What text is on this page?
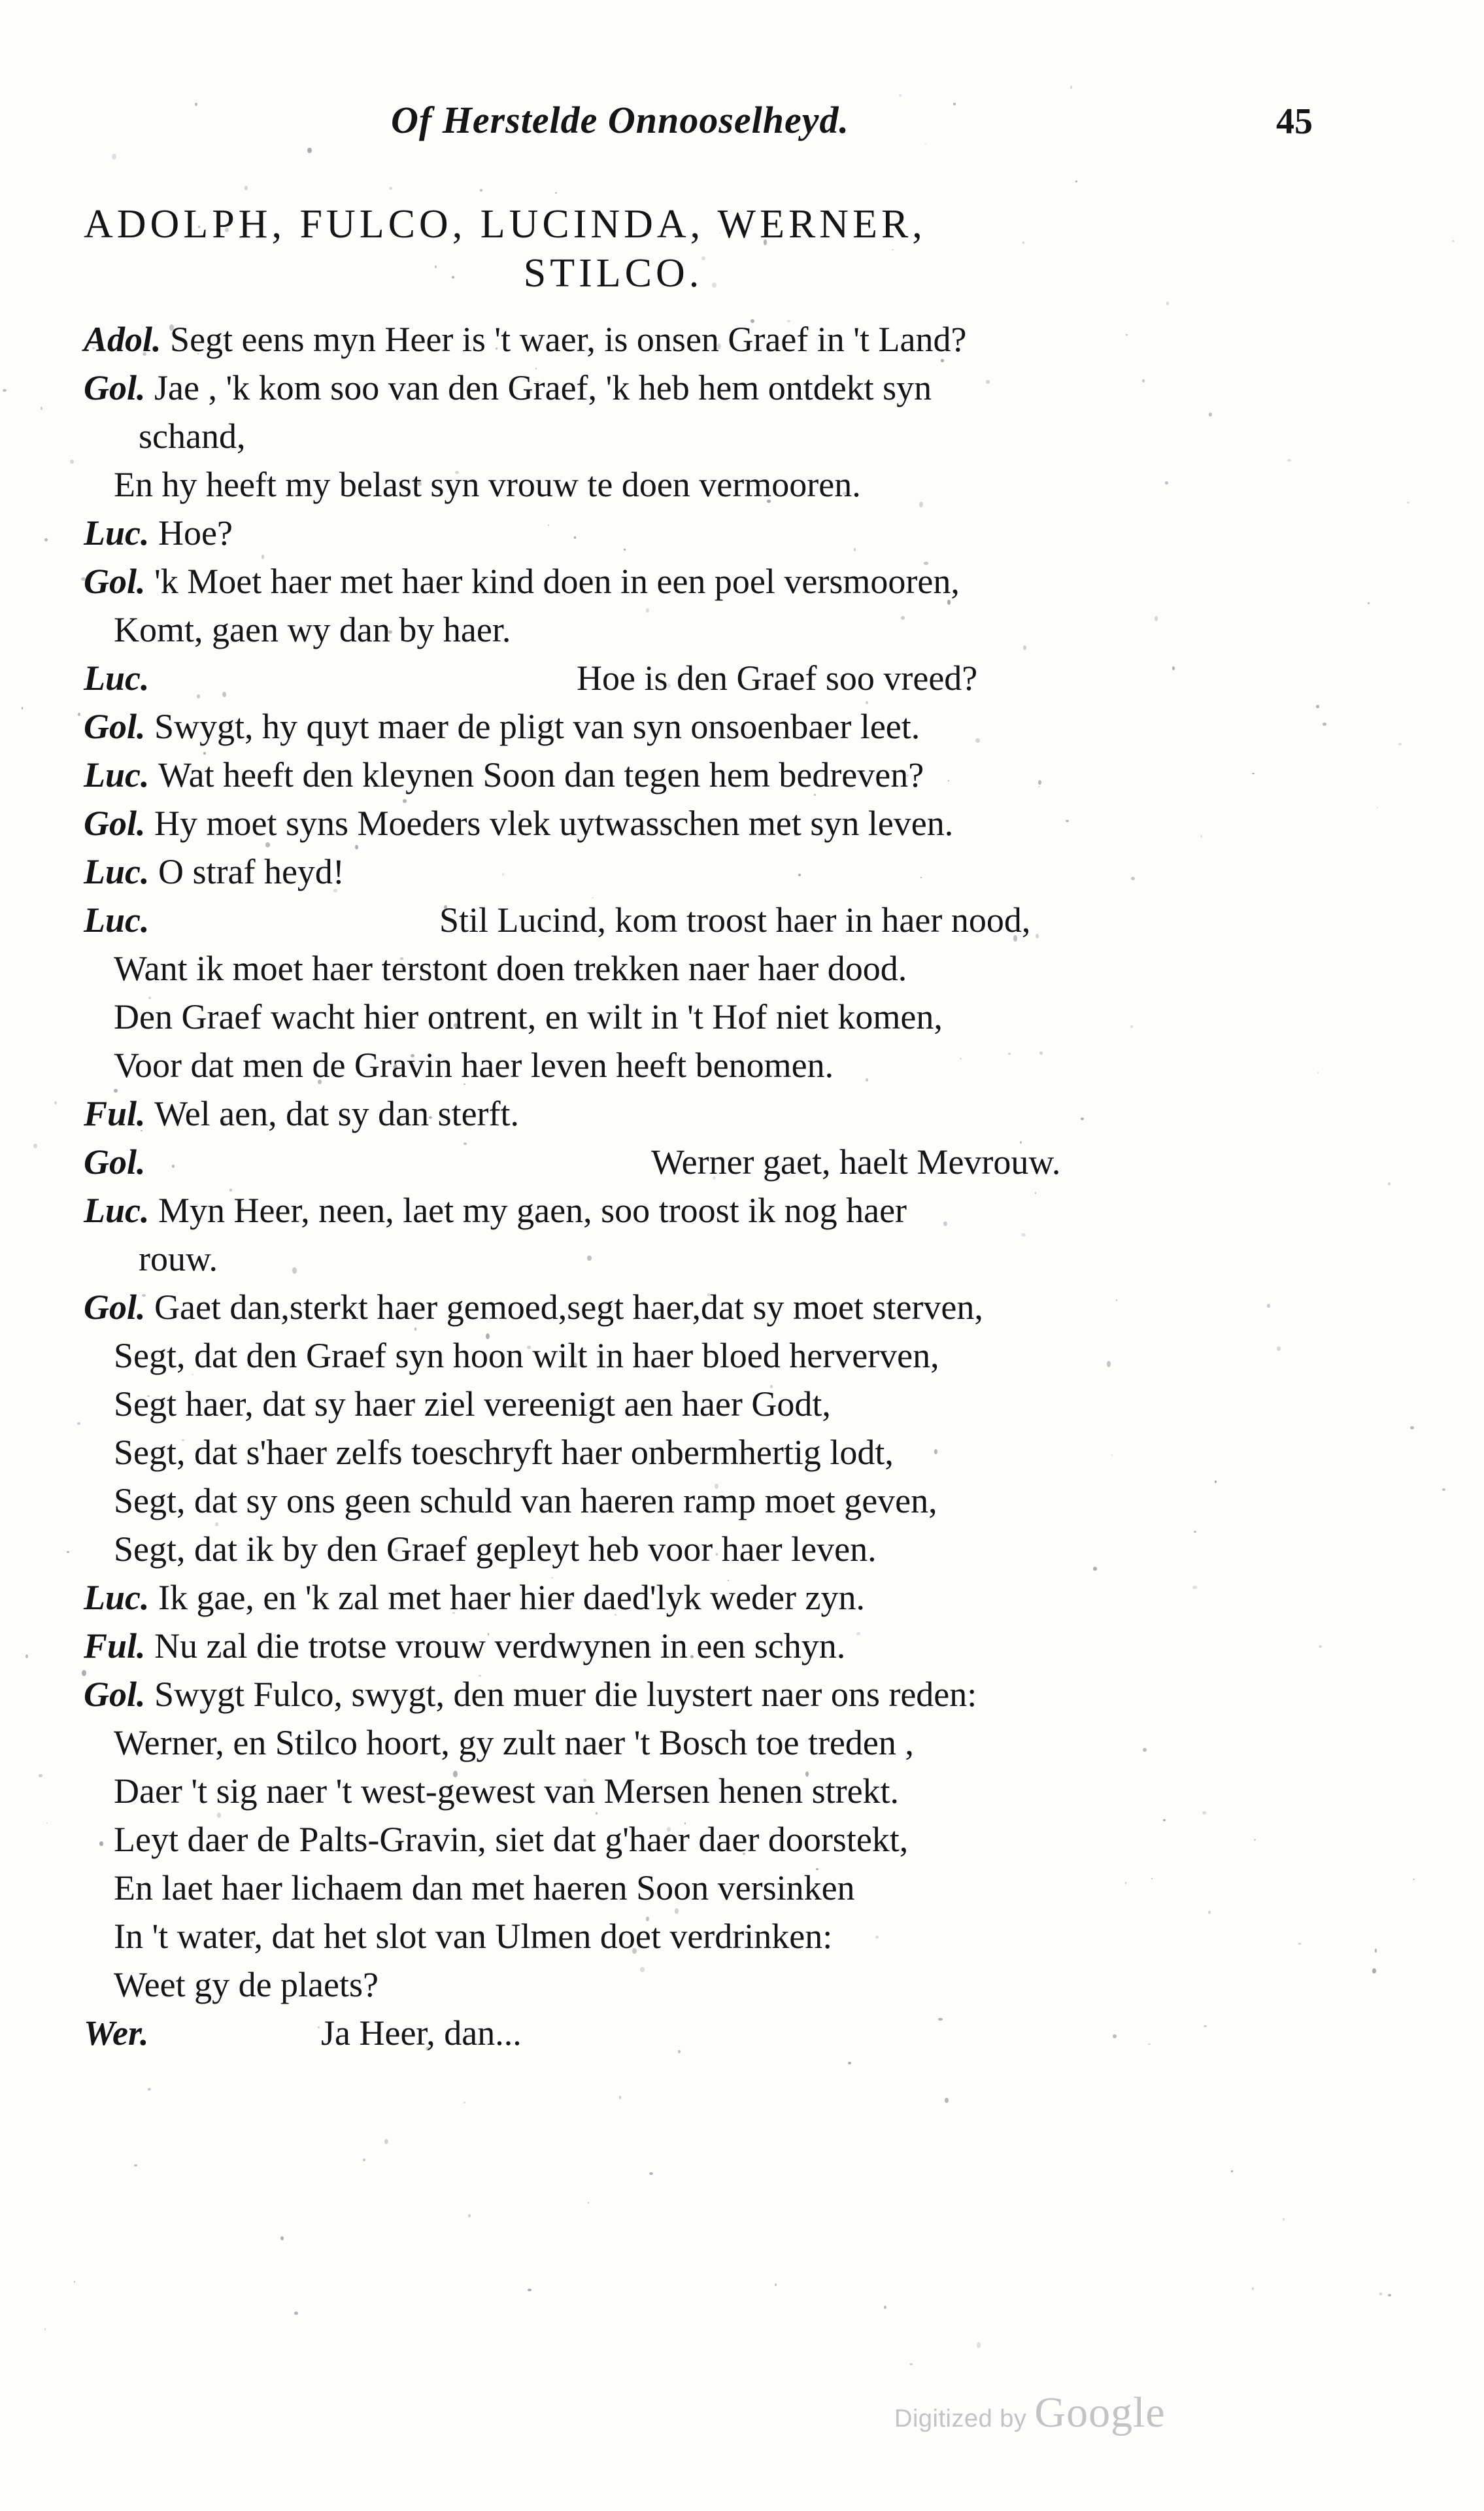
Of Herstelde Onnooselheyd.	45
ADOLPH, FULCO, LUCINDA, WERNER,
STILCO.
Adol. Segt eens myn Heer is 't waer, is onsen Graef in 't Land?
Gol. Jae , 'k kom soo van den Graef, 'k heb hem ontdekt syn
schand,
En hy heeft my belast syn vrouw te doen vermooren.
Luc. Hoe?
Gol. 'k Moet haer met haer kind doen in een poel versmooren,
Komt, gaen wy dan by haer.
Luc.	Hoe is den Graef soo vreed?
Gol. Swygt, hy quyt maer de pligt van syn onsoenbaer leet.
Luc. Wat heeft den kleynen Soon dan tegen hem bedreven?
Gol. Hy moet syns Moeders vlek uytwasschen met syn leven.
Luc. O straf heyd!
Luc.	Stil Lucind, kom troost haer in haer nood,
Want ik moet haer terstont doen trekken naer haer dood.
Den Graef wacht hier ontrent, en wilt in 't Hof niet komen,
Voor dat men de Gravin haer leven heeft benomen.
Ful. Wel aen, dat sy dan sterft.
Gol.	Werner gaet, haelt Mevrouw.
Luc. Myn Heer, neen, laet my gaen, soo troost ik nog haer
rouw.
Gol. Gaet dan,sterkt haer gemoed,segt haer,dat sy moet sterven,
Segt, dat den Graef syn hoon wilt in haer bloed herverven,
Segt haer, dat sy haer ziel vereenigt aen haer Godt,
Segt, dat s'haer zelfs toeschryft haer onbermhertig lodt,
Segt, dat sy ons geen schuld van haeren ramp moet geven,
Segt, dat ik by den Graef gepleyt heb voor haer leven.
Luc. Ik gae, en 'k zal met haer hier daed'lyk weder zyn.
Ful. Nu zal die trotse vrouw verdwynen in een schyn.
Gol. Swygt Fulco, swygt, den muer die luystert naer ons reden:
Werner, en Stilco hoort, gy zult naer 't Bosch toe treden ,
Daer 't sig naer 't west-gewest van Mersen henen strekt.
Leyt daer de Palts-Gravin, siet dat g'haer daer doorstekt,
En laet haer lichaem dan met haeren Soon versinken
In 't water, dat het slot van Ulmen doet verdrinken:
Weet gy de plaets?
Wer.	Ja Heer, dan...
Digitized by Google
